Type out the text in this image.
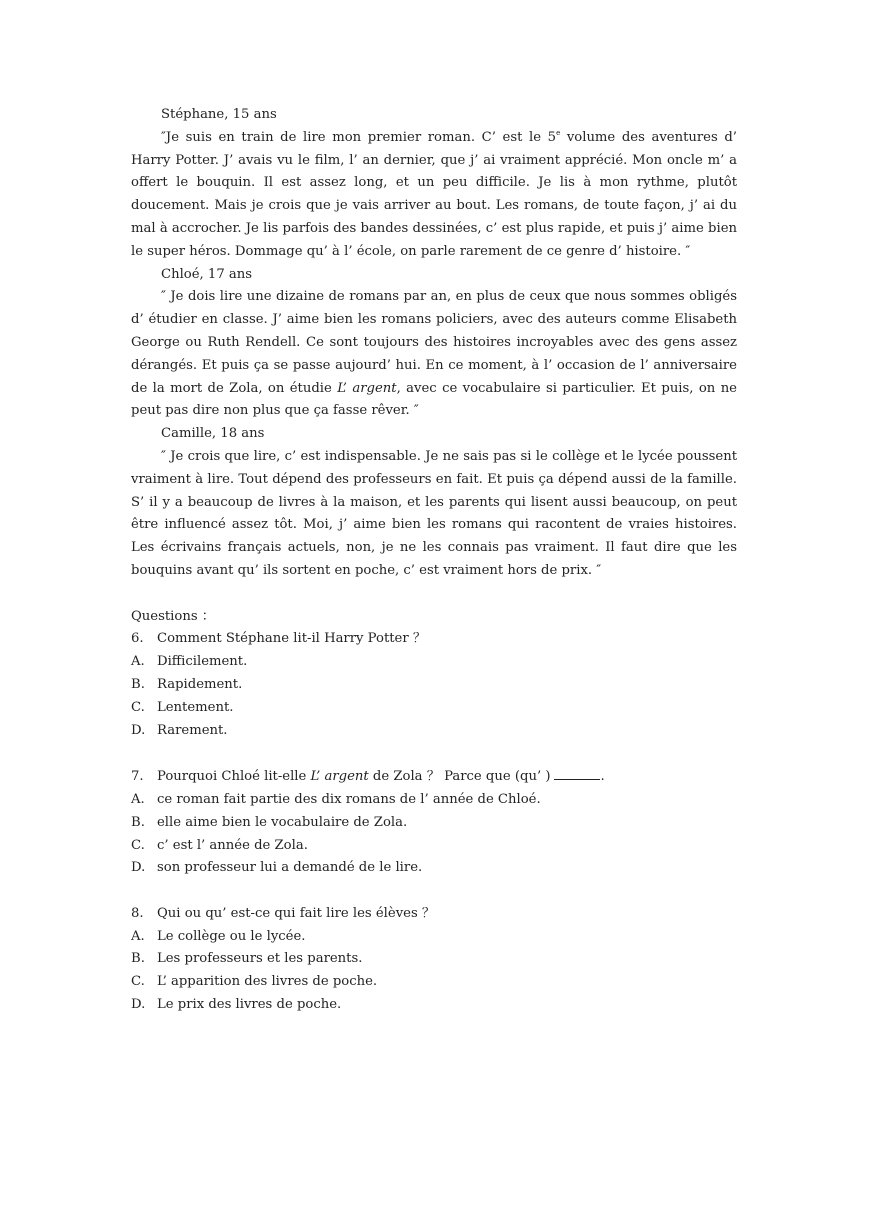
Stéphane, 15 ans
″Je suis en train de lire mon premier roman. C’ est le 5e volume des aventures d’ Harry Potter. J’ avais vu le film, l’ an dernier, que j’ ai vraiment apprécié. Mon oncle m’ a offert le bouquin. Il est assez long, et un peu difficile. Je lis à mon rythme, plutôt doucement. Mais je crois que je vais arriver au bout. Les romans, de toute façon, j’ ai du mal à accrocher. Je lis parfois des bandes dessinées, c’ est plus rapide, et puis j’ aime bien le super héros. Dommage qu’ à l’ école, on parle rarement de ce genre d’ histoire. ″
Chloé, 17 ans
″ Je dois lire une dizaine de romans par an, en plus de ceux que nous sommes obligés d’ étudier en classe. J’ aime bien les romans policiers, avec des auteurs comme Elisabeth George ou Ruth Rendell. Ce sont toujours des histoires incroyables avec des gens assez dérangés. Et puis ça se passe aujourd’ hui. En ce moment, à l’ occasion de l’ anniversaire de la mort de Zola, on étudie L’ argent, avec ce vocabulaire si particulier. Et puis, on ne peut pas dire non plus que ça fasse rêver. ″
Camille, 18 ans
″ Je crois que lire, c’ est indispensable. Je ne sais pas si le collège et le lycée poussent vraiment à lire. Tout dépend des professeurs en fait. Et puis ça dépend aussi de la famille. S’ il y a beaucoup de livres à la maison, et les parents qui lisent aussi beaucoup, on peut être influencé assez tôt. Moi, j’ aime bien les romans qui racontent de vraies histoires. Les écrivains français actuels, non, je ne les connais pas vraiment. Il faut dire que les bouquins avant qu’ ils sortent en poche, c’ est vraiment hors de prix. ″
Questions ：
6. Comment Stéphane lit-il Harry Potter ？
A. Difficilement.
B. Rapidement.
C. Lentement.
D. Rarement.
7. Pourquoi Chloé lit-elle L’ argent de Zola ？ Parce que (qu’ )	.
A. ce roman fait partie des dix romans de l’ année de Chloé.
B. elle aime bien le vocabulaire de Zola.
C. c’ est l’ année de Zola.
D. son professeur lui a demandé de le lire.
8. Qui ou qu’ est-ce qui fait lire les élèves ？
A. Le collège ou le lycée.
B. Les professeurs et les parents.
C. L’ apparition des livres de poche.
D. Le prix des livres de poche.
